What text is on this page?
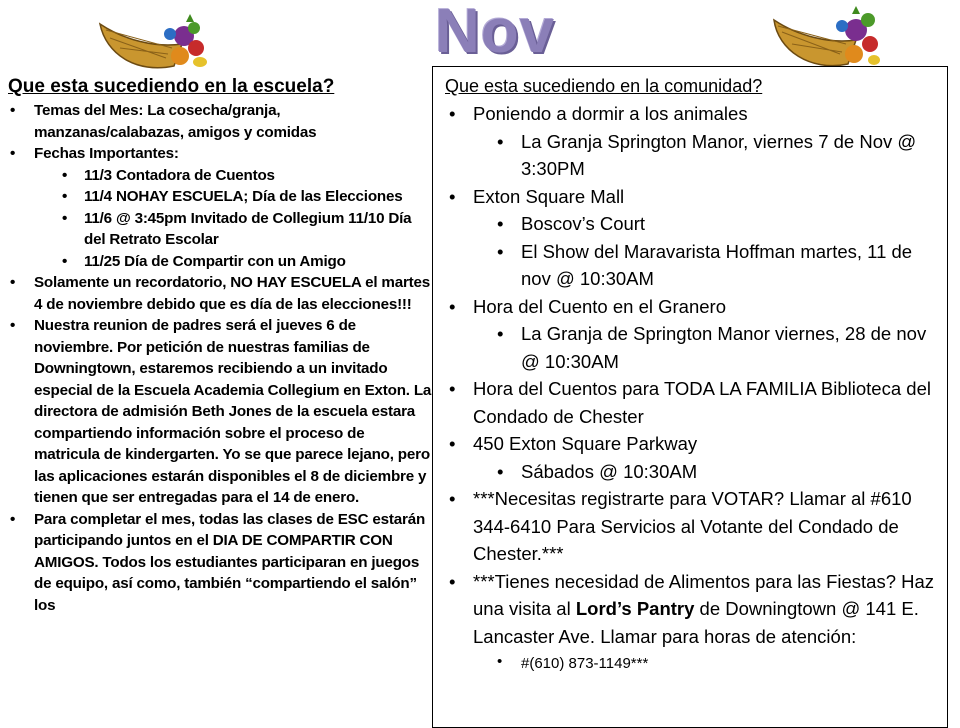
Nov
Que esta sucediendo en la escuela?
• Temas del Mes: La cosecha/granja, manzanas/calabazas, amigos y comidas
• Fechas Importantes:
• 11/3 Contadora de Cuentos
• 11/4 NOHAY ESCUELA; Día de las Elecciones
• 11/6 @ 3:45pm Invitado de Collegium 11/10 Día del Retrato Escolar
• 11/25 Día de Compartir con un Amigo
• Solamente un recordatorio, NO HAY ESCUELA el martes 4 de noviembre debido que es día de las elecciones!!!
• Nuestra reunion de padres será el jueves 6 de noviembre. Por petición de nuestras familias de Downingtown, estaremos recibiendo a un invitado especial de la Escuela Academia Collegium en Exton. La directora de admisión Beth Jones de la escuela estara compartiendo información sobre el proceso de matricula de kindergarten. Yo se que parece lejano, pero las aplicaciones estarán disponibles el 8 de diciembre y tienen que ser entregadas para el 14 de enero.
• Para completar el mes, todas las clases de ESC estarán participando juntos en el DIA DE COMPARTIR CON AMIGOS. Todos los estudiantes participaran en juegos de equipo, así como, también “compartiendo el salón” los
Que esta sucediendo en la comunidad?
• Poniendo a dormir a los animales
• La Granja Springton Manor, viernes 7 de Nov @ 3:30PM
• Exton Square Mall
• Boscov’s Court
• El Show del Maravarista Hoffman martes, 11 de nov @ 10:30AM
• Hora del Cuento en el Granero
• La Granja de Springton Manor viernes, 28 de nov @ 10:30AM
• Hora del Cuentos para TODA LA FAMILIA Biblioteca del Condado de Chester
• 450 Exton Square Parkway
• Sábados @ 10:30AM
• ***Necesitas registrarte para VOTAR? Llamar al #610 344-6410 Para Servicios al Votante del Condado de Chester.***
• ***Tienes necesidad de Alimentos para las Fiestas? Haz una visita al Lord’s Pantry de Downingtown @ 141 E. Lancaster Ave. Llamar para horas de atención:
• #(610) 873-1149***
